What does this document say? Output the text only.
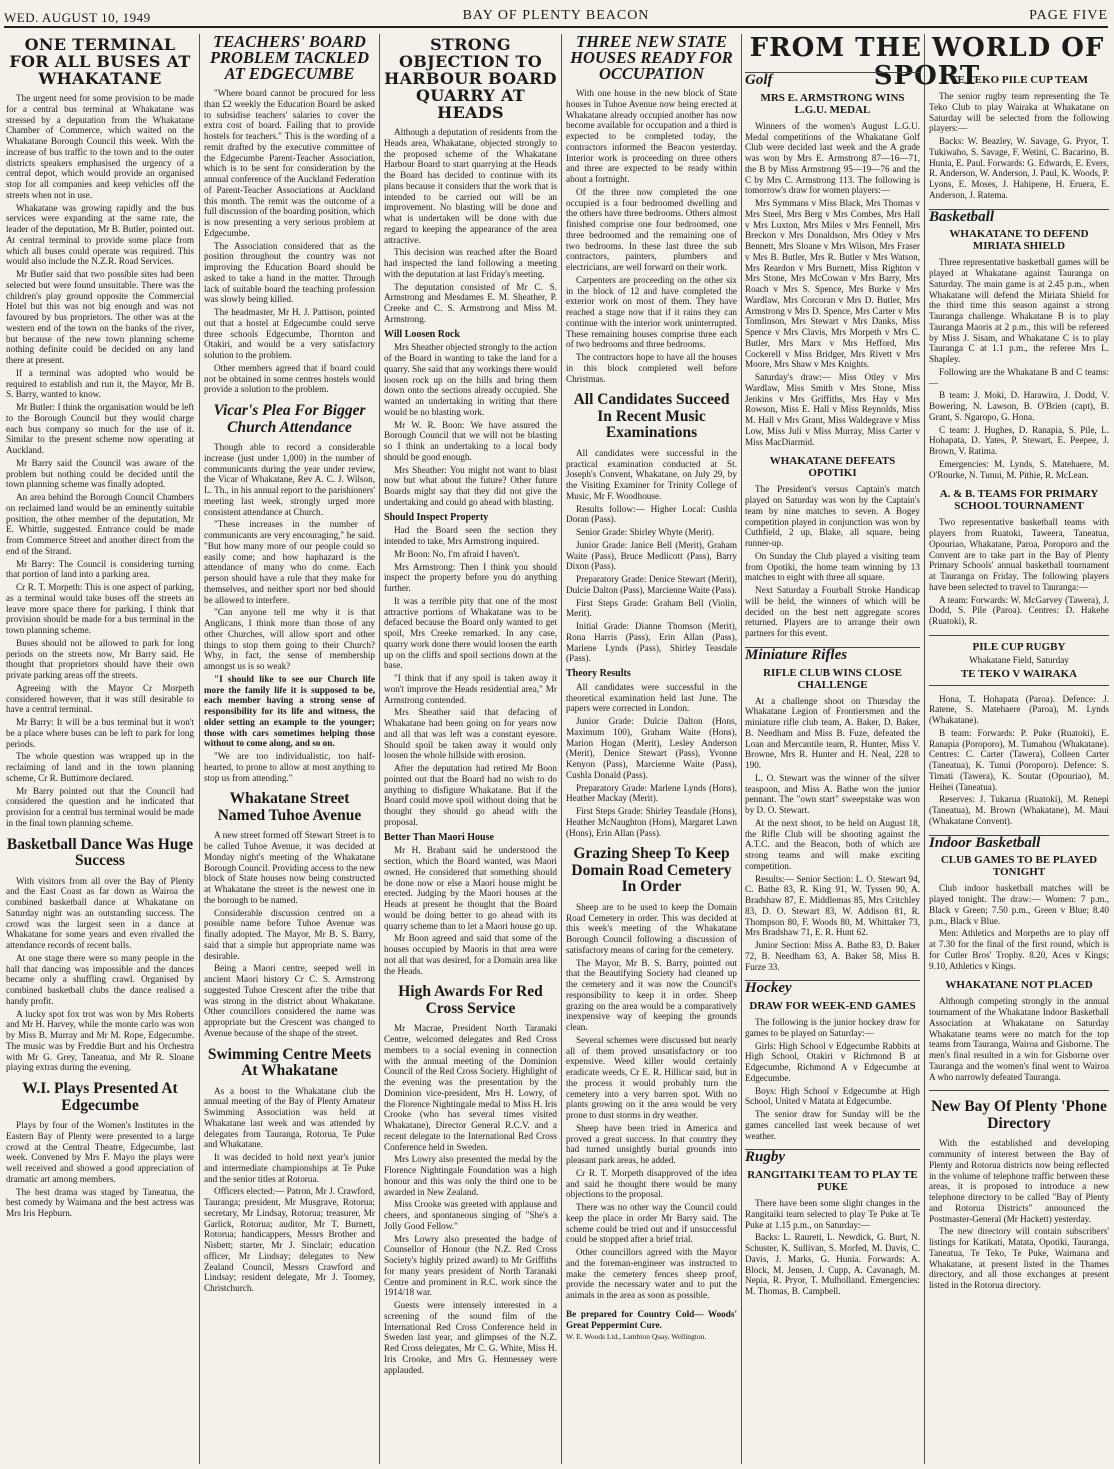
WED. AUGUST 10, 1949	BAY OF PLENTY BEACON	PAGE FIVE
ONE TERMINAL FOR ALL BUSES AT WHAKATANE

The urgent need for some provision to be made for a central bus terminal at Whakatane was stressed by a deputation from the Whakatane Chamber of Commerce, which waited on the Whakatane Borough Council this week. With the increase of bus traffic to the town and to the outer districts speakers emphasised the urgency of a central depot, which would provide an organised stop for all companies and keep vehicles off the streets when not in use.

Whakatane was growing rapidly and the bus services were expanding at the same rate, the leader of the deputation, Mr B. Butler, pointed out. At central terminal to provide some place from which all buses could operate was required. This would also include the N.Z.R. Road Services.

Mr Butler said that two possible sites had been selected but were found unsuitable. There was the children's play ground opposite the Commercial Hotel but this was not big enough and was not favoured by bus proprietors. The other was at the western end of the town on the banks of the river, but because of the new town planning scheme nothing definite could be decided on any land there at present.

If a terminal was adopted who would be required to establish and run it, the Mayor, Mr B. S. Barry, wanted to know.

Mr Butler: I think the organisation would be left to the Borough Council but they would charge each bus company so much for the use of it. Similar to the present scheme now operating at Auckland.

Mr Barry said the Council was aware of the problem but nothing could be decided until the town planning scheme was finally adopted.

An area behind the Borough Council Chambers on reclaimed land would be an eminently suitable position, the other member of the deputation, Mr E. Whittle, suggested. Entrance could be made from Commerce Street and another direct from the end of the Strand.

Mr Barry: The Council is considering turning that portion of land into a parking area.

Cr R. T. Morpeth: This is one aspect of parking, as a terminal would take buses off the streets an leave more space there for parking. I think that provision should be made for a bus terminal in the town planning scheme.

Buses should not be allowed to park for long periods on the streets now, Mr Barry said. He thought that proprietors should have their own private parking areas off the streets.

Agreeing with the Mayor Cr Morpeth considered however, that it was still desirable to have a central terminal.

Mr Barry: It will be a bus terminal but it won't be a place where buses can be left to park for long periods.

The whole question was wrapped up in the reclaiming of land and in the town planning scheme, Cr R. Buttimore declared.

Mr Barry pointed out that the Council had considered the question and he indicated that provision for a central bus terminal would be made in the final town planning scheme.

Basketball Dance Was Huge Success

With visitors from all over the Bay of Plenty and the East Coast as far down as Wairoa the combined basketball dance at Whakatane on Saturday night was an outstanding success. The crowd was the largest seen in a dance at Whakatane for some years and even rivalled the attendance records of recent balls.

At one stage there were so many people in the hall that dancing was impossible and the dances became only a shuffling crawl. Organised by combined basketball clubs the dance realised a handy profit.

A lucky spot fox trot was won by Mrs Roberts and Mr H. Harvey, while the monte carlo was won by Miss B. Murray and Mr M. Rope, Edgecumbe. The music was by Freddie Burt and his Orchestra with Mr G. Grey, Taneatua, and Mr R. Sloane playing extras during the evening.

W.I. Plays Presented At Edgecumbe

Plays by four of the Women's Institutes in the Eastern Bay of Plenty were presented to a large crowd at the Central Theatre, Edgecumbe, last week. Convened by Mrs F. Mayo the plays were well received and showed a good appreciation of dramatic art among members.

The best drama was staged by Taneatua, the best comedy by Waimana and the best actress was Mrs Iris Hepburn.

TEACHERS' BOARD PROBLEM TACKLED AT EDGECUMBE

"Where board cannot be procured for less than £2 weekly the Education Board be asked to subsidise teachers' salaries to cover the extra cost of board. Failing that to provide hostels for teachers." This is the wording of a remit drafted by the executive committee of the Edgecumbe Parent-Teacher Association, which is to be sent for consideration by the annual conference of the Auckland Federation of Parent-Teacher Associations at Auckland this month. The remit was the outcome of a full discussion of the boarding position, which is now presenting a very serious problem at Edgecumbe.

The Association considered that as the position throughout the country was not improving the Education Board should be asked to take a hand in the matter. Through lack of suitable board the teaching profession was slowly being killed.

The headmaster, Mr H. J. Pattison, pointed out that a hostel at Edgecumbe could serve three schools Edgecumbe, Thornton and Otakiri, and would be a very satisfactory solution to the problem.

Other members agreed that if board could not be obtained in some centres hostels would provide a solution to the problem.

Vicar's Plea For Bigger Church Attendance

Though able to record a considerable increase (just under 1,000) in the number of communicants during the year under review, the Vicar of Whakatane, Rev A. C. J. Wilson, L. Th., in his annual report to the parishioners' meeting last week, strongly urged more consistent attendance at Church.

"These increases in the number of communicants are very encouraging," he said. "But how many more of our people could so easily come; and how haphazard is the attendance of many who do come. Each person should have a rule that they make for themselves, and neither sport nor bed should be allowed to interfere.

"Can anyone tell me why it is that Anglicans, I think more than those of any other Churches, will allow sport and other things to stop them going to their Church? Why, in fact, the sense of membership amongst us is so weak?

"I should like to see our Church life more the family life it is supposed to be, each member having a strong sense of responsibility for its life and witness, the older setting an example to the younger; those with cars sometimes helping those without to come along, and so on.

"We are too individualistic, too half-hearted, to prone to allow at most anything to stop us from attending."

Whakatane Street Named Tuhoe Avenue

A new street formed off Stewart Street is to be called Tuhoe Avenue, it was decided at Monday night's meeting of the Whakatane Borough Council. Providing access to the new block of State houses now being constructed at Whakatane the street is the newest one in the borough to be named.

Considerable discussion centred on a possible name before Tuhoe Avenue was finally adopted. The Mayor, Mr B. S. Barry, said that a simple but appropriate name was desirable.

Being a Maori centre, seeped well in ancient Maori history Cr C. S. Armstrong suggested Tuhoe Crescent after the tribe that was strong in the district about Whakatane. Other councillors considered the name was appropriate but the Crescent was changed to Avenue because of the shape of the street.

Swimming Centre Meets At Whakatane

As a boost to the Whakatane club the annual meeting of the Bay of Plenty Amateur Swimming Association was held at Whakatane last week and was attended by delegates from Tauranga, Rotorua, Te Puke and Whakatane.

It was decided to hold next year's junior and intermediate championships at Te Puke and the senior titles at Rotorua.

Officers elected:— Patron, Mr J. Crawford, Tauranga; president, Mr Musgrave, Rotorua; secretary, Mr Lindsay, Rotorua; treasurer, Mr Garlick, Rotorua; auditor, Mr T. Burnett, Rotorua; handicappers, Messrs Brother and Nisbett; starter, Mr J. Sinclair; education officer, Mr Lindsay; delegates to New Zealand Council, Messrs Crawford and Lindsay; resident delegate, Mr J. Toomey, Christchurch.

STRONG OBJECTION TO HARBOUR BOARD QUARRY AT HEADS

Although a deputation of residents from the Heads area, Whakatane, objected strongly to the proposed scheme of the Whakatane Harbour Board to start quarrying at the Heads the Board has decided to continue with its plans because it considers that the work that is intended to be carried out will be an improvement. No blasting will be done and what is undertaken will be done with due regard to keeping the appearance of the area attractive.

This decision was reached after the Board had inspected the land following a meeting with the deputation at last Friday's meeting.

The deputation consisted of Mr C. S. Armstrong and Mesdames E. M. Sheather, P. Creeke and C. S. Armstrong and Miss M. Armstrong.

Will Loosen Rock

Mrs Sheather objected strongly to the action of the Board in wanting to take the land for a quarry. She said that any workings there would loosen rock up on the hills and bring them down onto the sections already occupied. She wanted an undertaking in writing that there would be no blasting work.

Mr W. R. Boon: We have assured the Borough Council that we will not be blasting so I think an undertaking to a local body should be good enough.

Mrs Sheather: You might not want to blast now but what about the future? Other future Boards might say that they did not give the undertaking and could go ahead with blasting.

Should Inspect Property

Had the Board seen the section they intended to take, Mrs Armstrong inquired.

Mr Boon: No, I'm afraid I haven't.

Mrs Armstrong: Then I think you should inspect the property before you do anything further.

It was a terrible pity that one of the most attractive portions of Whakatane was to be defaced because the Board only wanted to get spoil, Mrs Creeke remarked. In any case, quarry work done there would loosen the earth up on the cliffs and spoil sections down at the base.

"I think that if any spoil is taken away it won't improve the Heads residential area," Mr Armstrong contended.

Mrs Sheather said that defacing of Whakatane had been going on for years now and all that was left was a constant eyesore. Should spoil be taken away it would only loosen the whole hillside with erosion.

After the deputation had retired Mr Boon pointed out that the Board had no wish to do anything to disfigure Whakatane. But if the Board could move spoil without doing that he thought they should go ahead with the proposal.

Better Than Maori House

Mr H. Brabant said he understood the section, which the Board wanted, was Maori owned. He considered that something should be done now or else a Maori house might be erected. Judging by the Maori houses at the Heads at present he thought that the Board would be doing better to go ahead with its quarry scheme than to let a Maori house go up.

Mr Boon agreed and said that some of the houses occupied by Maoris in that area were not all that was desired, for a Domain area like the Heads.

High Awards For Red Cross Service

Mr Macrae, President North Taranaki Centre, welcomed delegates and Red Cross members to a social evening in connection with the annual meeting of the Dominion Council of the Red Cross Society. Highlight of the evening was the presentation by the Dominion vice-president, Mrs H. Lowry, of the Florence Nightingale medal to Miss H. Iris Crooke (who has several times visited Whakatane), Director General R.C.V. and a recent delegate to the International Red Cross Conference held in Sweden.

Mrs Lowry also presented the medal by the Florence Nightingale Foundation was a high honour and this was only the third one to be awarded in New Zealand.

Miss Crooke was greeted with applause and cheers, and spontaneous singing of "She's a Jolly Good Fellow."

Mrs Lowry also presented the badge of Counsellor of Honour (the N.Z. Red Cross Society's highly prized award) to Mr Griffiths for many years president of North Taranaki Centre and prominent in R.C. work since the 1914/18 war.

Guests were intensely interested in a screening of the sound film of the International Red Cross Conference held in Sweden last year, and glimpses of the N.Z. Red Cross delegates, Mr C. G. White, Miss H. Iris Crooke, and Mrs G. Hennessey were applauded.

THREE NEW STATE HOUSES READY FOR OCCUPATION

With one house in the new block of State houses in Tuhoe Avenue now being erected at Whakatane already occupied another has now become available for occupation and a third is expected to be completed today, the contractors informed the Beacon yesterday. Interior work is proceeding on three others and three are expected to be ready within about a fortnight.

Of the three now completed the one occupied is a four bedroomed dwelling and the others have three bedrooms. Others almost finished comprise one four bedroomed, one three bedroomed and the remaining one of two bedrooms. In these last three the sub contractors, painters, plumbers and electricians, are well forward on their work.

Carpenters are proceeding on the other six in the block of 12 and have completed the exterior work on most of them. They have reached a stage now that if it rains they can continue with the interior work uninterrupted. These remaining houses comprise three each of two bedrooms and three bedrooms.

The contractors hope to have all the houses in this block completed well before Christmas.

All Candidates Succeed In Recent Music Examinations

All candidates were successful in the practical examination conducted at St. Joseph's Convent, Whakatane, on July 29, by the Visiting Examiner for Trinity College of Music, Mr F. Woodhouse.

Results follow:— Higher Local: Cushla Doran (Pass).

Senior Grade: Shirley Whyte (Merit).

Junior Grade: Janice Bell (Merit), Graham Waite (Pass), Bruce Medlicott (Pass), Barry Dixon (Pass).

Preparatory Grade: Denice Stewart (Merit), Dulcie Dalton (Pass), Marcienne Waite (Pass).

First Steps Grade: Graham Bell (Violin, Merit).

Initial Grade: Dianne Thomson (Merit), Rona Harris (Pass), Erin Allan (Pass), Marlene Lynds (Pass), Shirley Teasdale (Pass).

Theory Results

All candidates were successful in the theoretical examination held last June. The papers were corrected in London.

Junior Grade: Dulcie Dalton (Hons, Maximum 100), Graham Waite (Hons), Marion Hogan (Merit), Lesley Anderson (Merit), Denice Stewart (Pass), Yvonne Kenyon (Pass), Marcienne Waite (Pass), Cushla Donald (Pass).

Preparatory Grade: Marlene Lynds (Hons), Heather Mackay (Merit).

First Steps Grade: Shirley Teasdale (Hons), Heather McNaughton (Hons), Margaret Lawn (Hons), Erin Allan (Pass).

Grazing Sheep To Keep Domain Road Cemetery In Order

Sheep are to be used to keep the Domain Road Cemetery in order. This was decided at this week's meeting of the Whakatane Borough Council following a discussion of satisfactory means of caring for the cemetery.

The Mayor, Mr B. S. Barry, pointed out that the Beautifying Society had cleaned up the cemetery and it was now the Council's responsibility to keep it in order. Sheep grazing on the area would be a comparatively inexpensive way of keeping the grounds clean.

Several schemes were discussed but nearly all of them proved unsatisfactory or too expensive. Weed killer would certainly eradicate weeds, Cr E. R. Hillicar said, but in the process it would probably turn the cemetery into a very barren spot. With no plants growing on it the area would be very prone to dust storms in dry weather.

Sheep have been tried in America and proved a great success. In that country they had turned unsightly burial grounds into pleasant park areas, he added.

Cr R. T. Morpeth disapproved of the idea and said he thought there would be many objections to the proposal.

There was no other way the Council could keep the place in order Mr Barry said. The scheme could be tried out and if unsuccessful could be stopped after a brief trial.

Other councillors agreed with the Mayor and the foreman-engineer was instructed to make the cemetery fences sheep proof, provide the necessary water and to put the animals in the area as soon as possible.

Be prepared for Country Cold— Woods' Great Peppermint Cure.

W. E. Woods Ltd., Lambton Quay, Wellington.

FROM THE WORLD OF SPORT
Golf
MRS E. ARMSTRONG WINS L.G.U. MEDAL

Winners of the women's August L.G.U. Medal competitions of the Whakatane Golf Club were decided last week and the A grade was won by Mrs E. Armstrong 87—16—71, the B by Miss Armstrong 95—19—76 and the C by Mrs C. Armstrong 113. The following is tomorrow's draw for women players:—

Mrs Symmans v Miss Black, Mrs Thomas v Mrs Steel, Mrs Berg v Mrs Combes, Mrs Hall v Mrs Luxton, Mrs Miles v Mrs Fennell, Mrs Breckon v Mrs Donaldson, Mrs Otley v Mrs Bennett, Mrs Sloane v Mrs Wilson, Mrs Fraser v Mrs B. Butler, Mrs R. Butler v Mrs Watson, Mrs Reardon v Mrs Burnett, Miss Righton v Mrs Stone, Mrs McCowan v Mrs Barry, Mrs Roach v Mrs S. Spence, Mrs Burke v Mrs Wardlaw, Mrs Corcoran v Mrs D. Butler, Mrs Armstrong v Mrs D. Spence, Mrs Carter v Mrs Tomlinson, Mrs Stewart v Mrs Danks, Miss Spence v Mrs Clavis, Mrs Morpeth v Mrs C. Butler, Mrs Marx v Mrs Hefford, Mrs Cockerell v Miss Bridger, Mrs Rivett v Mrs Moore, Mrs Shaw v Mrs Knights.

Saturday's draw:— Miss Otley v Mrs Wardlaw, Miss Smith v Mrs Stone, Miss Jenkins v Mrs Griffiths, Mrs Hay v Mrs Rowson, Miss E. Hall v Miss Reynolds, Miss M. Hall v Mrs Grant, Miss Waldegrave v Miss Low, Miss Juli v Miss Murray, Miss Carter v Miss MacDiarmid.

WHAKATANE DEFEATS OPOTIKI

The President's versus Captain's match played on Saturday was won by the Captain's team by nine matches to seven. A Bogey competition played in conjunction was won by Cuthfield, 2 up, Blake, all square, being runner-up.

On Sunday the Club played a visiting team from Opotiki, the home team winning by 13 matches to eight with three all square.

Next Saturday a Fourball Stroke Handicap will be held, the winners of which will be decided on the best nett aggregate scores returned. Players are to arrange their own partners for this event.

Miniature Rifles
RIFLE CLUB WINS CLOSE CHALLENGE

At a challenge shoot on Thursday the Whakatane Legion of Frontiersmen and the miniature rifle club team, A. Baker, D. Baker, B. Needham and Miss B. Fuze, defeated the Loan and Mercantile team, R. Hunter, Miss V. Browne, Mrs R. Hunter and H. Neal, 228 to 190.

L. O. Stewart was the winner of the silver teaspoon, and Miss A. Bathe won the junior pennant. The "own start" sweepstake was won by D. O. Stewart.

At the next shoot, to be held on August 18, the Rifle Club will be shooting against the A.T.C. and the Beacon, both of which are strong teams and will make exciting competition.

Results:— Senior Section: L. O. Stewart 94, C. Bathe 83, R. King 91, W. Tyssen 90, A. Bradshaw 87, E. Middlemas 85, Mrs Critchley 83, D. O. Stewart 83, W. Addison 81, R. Thompson 80, F. Woods 80, M. Whittaker 73, Mrs Bradshaw 71, E. R. Hunt 62.

Junior Section: Miss A. Bathe 83, D. Baker 72, B. Needham 63, A. Baker 58, Miss B. Furze 33.

Hockey
DRAW FOR WEEK-END GAMES

The following is the junior hockey draw for games to be played on Saturday:—

Girls: High School v Edgecumbe Rabbits at High School, Otakiri v Richmond B at Edgecumbe, Richmond A v Edgecumbe at Edgecumbe.

Boys: High School v Edgecumbe at High School, United v Matata at Edgecumbe.

The senior draw for Sunday will be the games cancelled last week because of wet weather.

Rugby
RANGITAIKI TEAM TO PLAY TE PUKE

There have been some slight changes in the Rangitaiki team selected to play Te Puke at Te Puke at 1.15 p.m., on Saturday:—

Backs: L. Raureti, L. Newdick, G. Burt, N. Schuster, K. Sullivan, S. Morfed, M. Davis, C. Davis, J. Marks, G. Hunia. Forwards: A. Block, M. Jensen, J. Cupp, A. Cavanagh, M. Nepia, R. Pryor, T. Mulholland. Emergencies: M. Thomas, B. Campbell.

TE TEKO PILE CUP TEAM

The senior rugby team representing the Te Teko Club to play Wairaka at Whakatane on Saturday will be selected from the following players:—

Backs: W. Beazley, W. Savage, G. Pryor, T. Tukiwaho, S. Savage, F. Wetini, C. Bacarino, B. Hunia, E. Paul. Forwards: G. Edwards, E. Evers, R. Anderson, W. Anderson, J. Paul, K. Woods, P. Lyons, E. Moses, J. Hahipene, H. Eruera, E. Anderson, J. Ratema.

Basketball
WHAKATANE TO DEFEND MIRIATA SHIELD

Three representative basketball games will be played at Whakatane against Tauranga on Saturday. The main game is at 2.45 p.m., when Whakatane will defend the Miriata Shield for the third time this season against a strong Tauranga challenge. Whakatane B is to play Tauranga Maoris at 2 p.m., this will be refereed by Miss J. Sisam, and Whakatane C is to play Tauranga C at 1.1 p.m., the referee Mrs L. Shapley.

Following are the Whakatane B and C teams:—

B team: J. Moki, D. Harawira, J. Dodd, V. Bowering, N. Lawson, B. O'Brien (capt), B. Grant, S. Ngaropo, G. Hona.

C team: J. Hughes, D. Ranapia, S. Pile, L. Hohapata, D. Yates, P. Stewart, E. Peepee, J. Brown, V. Ratima.

Emergencies: M. Lynds, S. Matehaere, M. O'Rourke, N. Tunui, M. Pithie, R. McLean.

A. & B. TEAMS FOR PRIMARY SCHOOL TOURNAMENT

Two representative basketball teams with players from Ruatoki, Taweera, Taneatua, Opouriao, Whakatane, Paroa, Poroporo and the Convent are to take part in the Bay of Plenty Primary Schools' annual basketball tournament at Tauranga on Friday. The following players have been selected to travel to Tauranga:—

A team: Forwards: W. McGarvey (Tawera), J. Dodd, S. Pile (Paroa). Centres: D. Hakehe (Ruatoki), R.

PILE CUP RUGBY
Whakatane Field, Saturday
TE TEKO V WAIRAKA

Hona, T. Hohapata (Paroa). Defence: J. Ratene, S. Matehaere (Paroa), M. Lynds (Whakatane).

B team: Forwards: P. Puke (Ruatoki), E. Ranapia (Poroporo), M. Tumahou (Whakatane). Centres: C. Carter (Tawera), Colleen Carter (Taneatua), K. Tunui (Poroporo). Defence: S. Timati (Tawera), K. Soutar (Opouriao), M. Heihei (Taneatua).

Reserves: J. Tukarua (Ruatoki), M. Renepi (Taneatua), M. Brown (Whakatane), M. Maui (Whakatane Convent).

Indoor Basketball
CLUB GAMES TO BE PLAYED TONIGHT

Club indoor basketball matches will be played tonight. The draw:— Women: 7 p.m., Black v Green; 7.50 p.m., Green v Blue; 8.40 p.m., Black v Blue.

Men: Athletics and Morpeths are to play off at 7.30 for the final of the first round, which is for Cutler Bros' Trophy. 8.20, Aces v Kings; 9.10, Athletics v Kings.

WHAKATANE NOT PLACED

Although competing strongly in the annual tournament of the Whakatane Indoor Basketball Association at Whakatane on Saturday Whakatane teams were no match for the top teams from Tauranga, Wairoa and Gisborne. The men's final resulted in a win for Gisborne over Tauranga and the women's final went to Wairoa A who narrowly defeated Tauranga.

New Bay Of Plenty 'Phone Directory

With the established and developing community of interest between the Bay of Plenty and Rotorua districts now being reflected in the volume of telephone traffic between these areas, it is proposed to introduce a new telephone directory to be called "Bay of Plenty and Rotorua Districts" announced the Postmaster-General (Mr Hackett) yesterday.

The new directory will contain subscribers' listings for Katikati, Matata, Opotiki, Tauranga, Taneatua, Te Teko, Te Puke, Waimana and Whakatane, at present listed in the Thames directory, and all those exchanges at present listed in the Rotorua directory.
